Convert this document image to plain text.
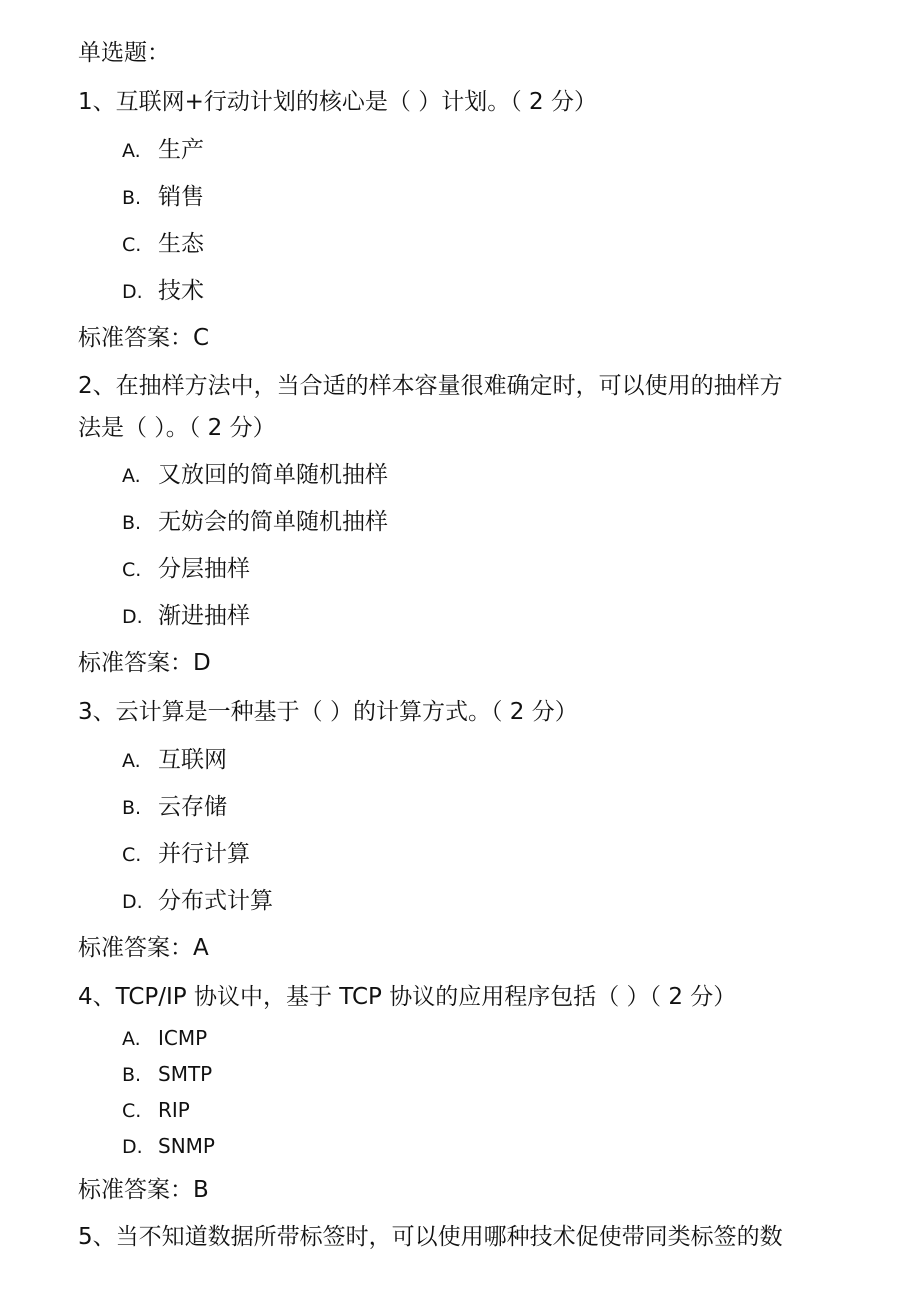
单选题：
1、互联网+行动计划的核心是（ ）计划。（ 2 分）
A. 生产
B. 销售
C. 生态
D. 技术
标准答案：C
2、在抽样方法中，当合适的样本容量很难确定时，可以使用的抽样方
法是（ ）。（ 2 分）
A. 又放回的简单随机抽样
B. 无妨会的简单随机抽样
C. 分层抽样
D. 渐进抽样
标准答案：D
3、云计算是一种基于（ ）的计算方式。（ 2 分）
A. 互联网
B. 云存储
C. 并行计算
D. 分布式计算
标准答案：A
4、TCP/IP 协议中，基于 TCP 协议的应用程序包括（ ）（ 2 分）
A. ICMP
B. SMTP
C. RIP
D. SNMP
标准答案：B
5、当不知道数据所带标签时，可以使用哪种技术促使带同类标签的数
